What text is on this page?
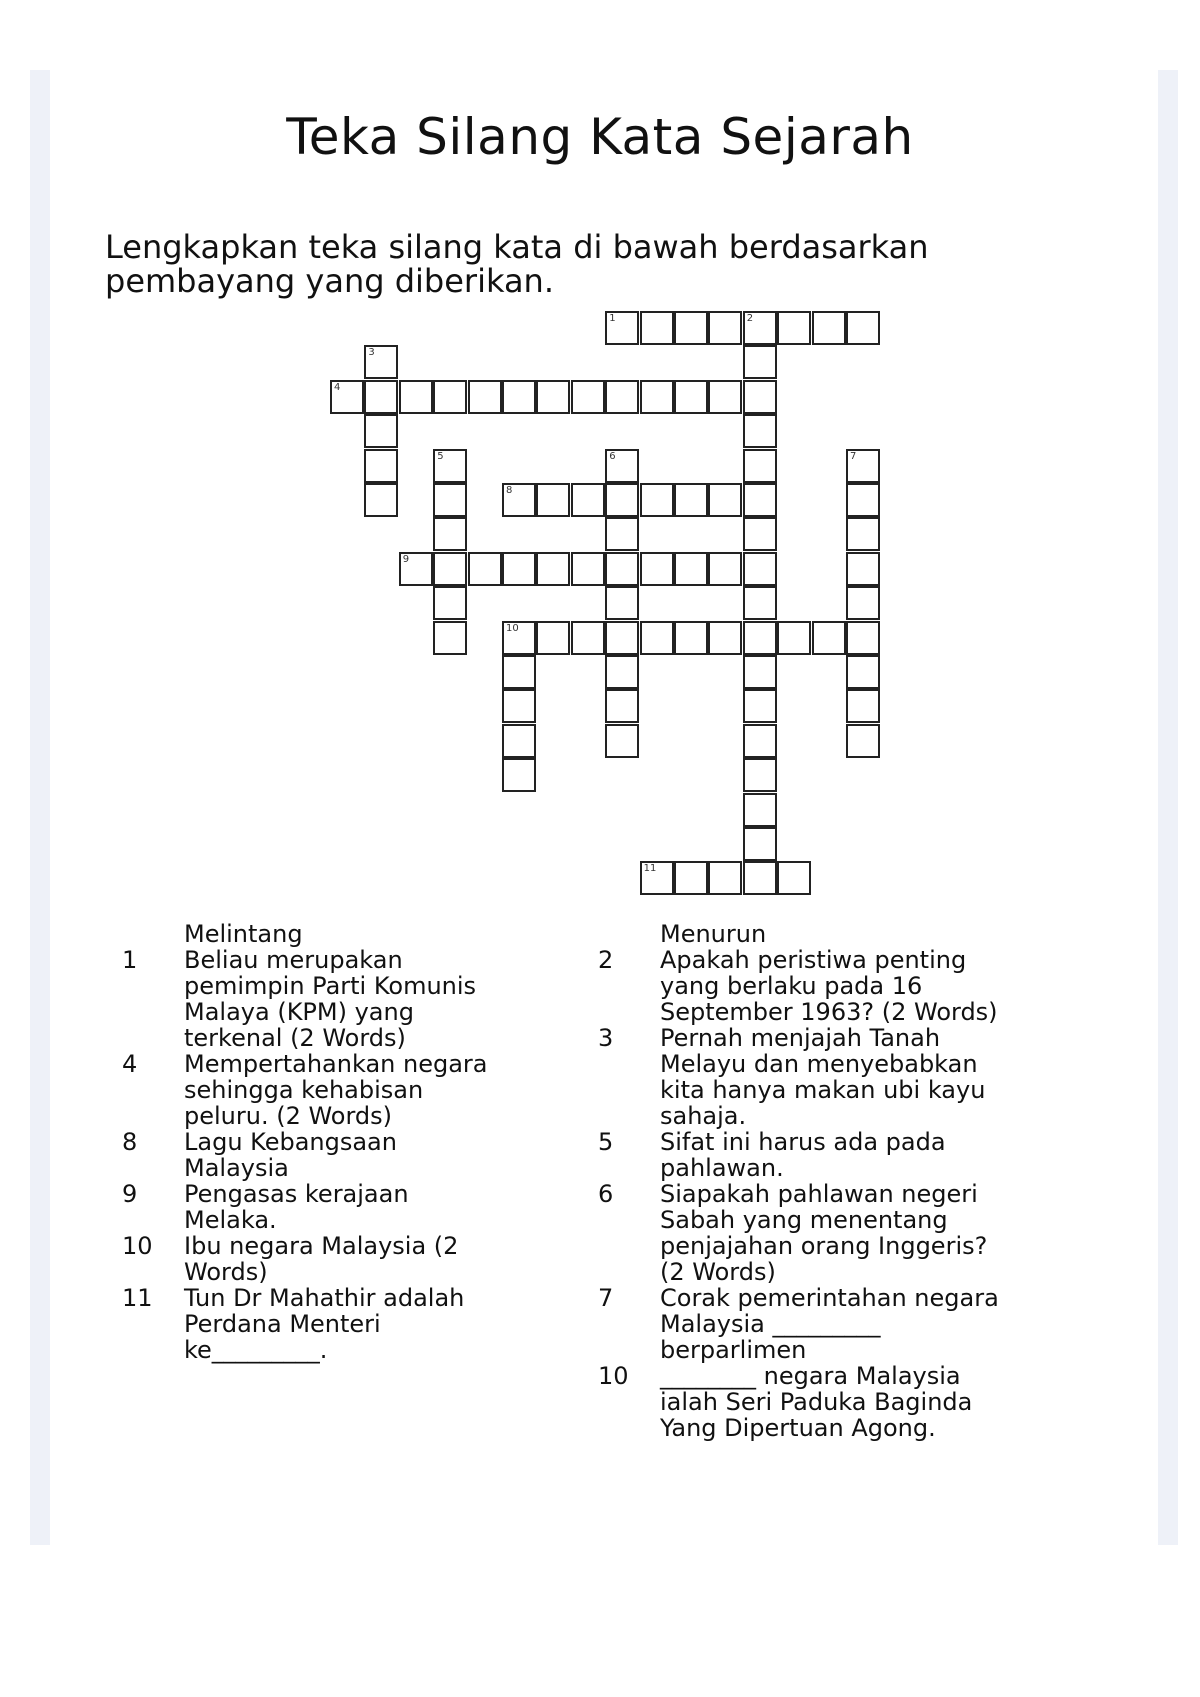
Teka Silang Kata Sejarah
Lengkapkan teka silang kata di bawah berdasarkan pembayang yang diberikan.
1	2
3
4
5	6	7
8
9
10
11
Melintang
1	Beliau merupakan pemimpin Parti Komunis Malaya (KPM) yang terkenal (2 Words)
4	Mempertahankan negara sehingga kehabisan peluru. (2 Words)
8	Lagu Kebangsaan Malaysia
9	Pengasas kerajaan Melaka.
10	Ibu negara Malaysia (2 Words)
11	Tun Dr Mahathir adalah Perdana Menteri ke_________.
Menurun
2	Apakah peristiwa penting yang berlaku pada 16 September 1963? (2 Words)
3	Pernah menjajah Tanah Melayu dan menyebabkan kita hanya makan ubi kayu sahaja.
5	Sifat ini harus ada pada pahlawan.
6	Siapakah pahlawan negeri Sabah yang menentang penjajahan orang Inggeris? (2 Words)
7	Corak pemerintahan negara Malaysia _________ berparlimen
10	________ negara Malaysia ialah Seri Paduka Baginda Yang Dipertuan Agong.
